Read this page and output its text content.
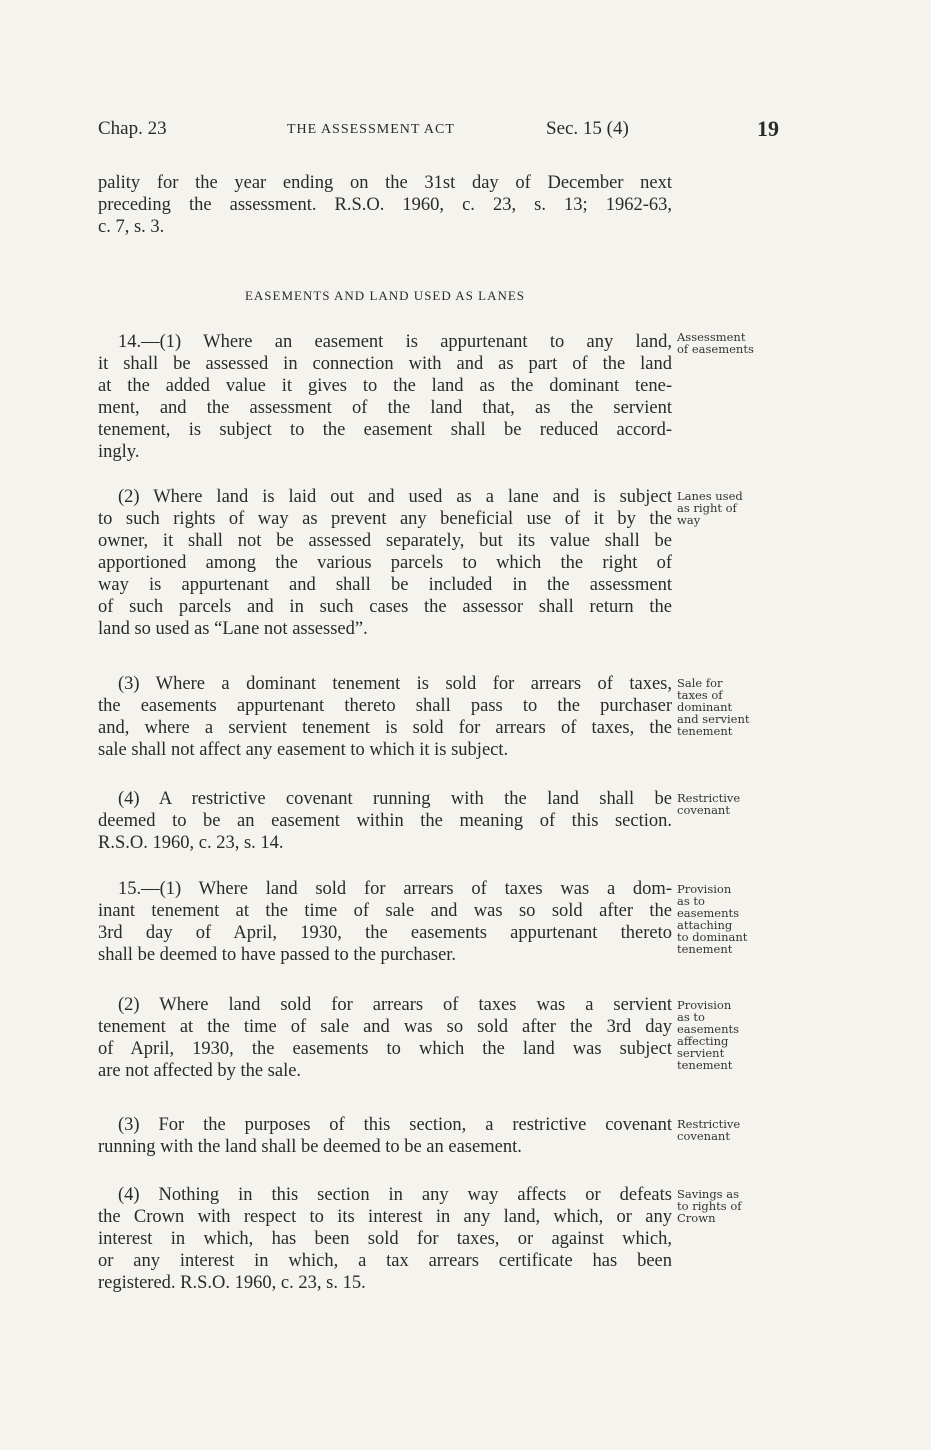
Chap. 23	THE ASSESSMENT ACT	Sec. 15 (4)	19
EASEMENTS AND LAND USED AS LANES
pality for the year ending on the 31st day of December next
preceding the assessment. R.S.O. 1960, c. 23, s. 13; 1962-63,
c. 7, s. 3.
14.—(1) Where an easement is appurtenant to any land,
it shall be assessed in connection with and as part of the land
at the added value it gives to the land as the dominant tene-
ment, and the assessment of the land that, as the servient
tenement, is subject to the easement shall be reduced accord-
ingly.
(2) Where land is laid out and used as a lane and is subject
to such rights of way as prevent any beneficial use of it by the
owner, it shall not be assessed separately, but its value shall be
apportioned among the various parcels to which the right of
way is appurtenant and shall be included in the assessment
of such parcels and in such cases the assessor shall return the
land so used as “Lane not assessed”.
(3) Where a dominant tenement is sold for arrears of taxes,
the easements appurtenant thereto shall pass to the purchaser
and, where a servient tenement is sold for arrears of taxes, the
sale shall not affect any easement to which it is subject.
(4) A restrictive covenant running with the land shall be
deemed to be an easement within the meaning of this section.
R.S.O. 1960, c. 23, s. 14.
15.—(1) Where land sold for arrears of taxes was a dom-
inant tenement at the time of sale and was so sold after the
3rd day of April, 1930, the easements appurtenant thereto
shall be deemed to have passed to the purchaser.
(2) Where land sold for arrears of taxes was a servient
tenement at the time of sale and was so sold after the 3rd day
of April, 1930, the easements to which the land was subject
are not affected by the sale.
(3) For the purposes of this section, a restrictive covenant
running with the land shall be deemed to be an easement.
(4) Nothing in this section in any way affects or defeats
the Crown with respect to its interest in any land, which, or any
interest in which, has been sold for taxes, or against which,
or any interest in which, a tax arrears certificate has been
registered. R.S.O. 1960, c. 23, s. 15.
Assessment
of easements
Lanes used
as right of
way
Sale for
taxes of
dominant
and servient
tenement
Restrictive
covenant
Provision
as to
easements
attaching
to dominant
tenement
Provision
as to
easements
affecting
servient
tenement
Restrictive
covenant
Savings as
to rights of
Crown
